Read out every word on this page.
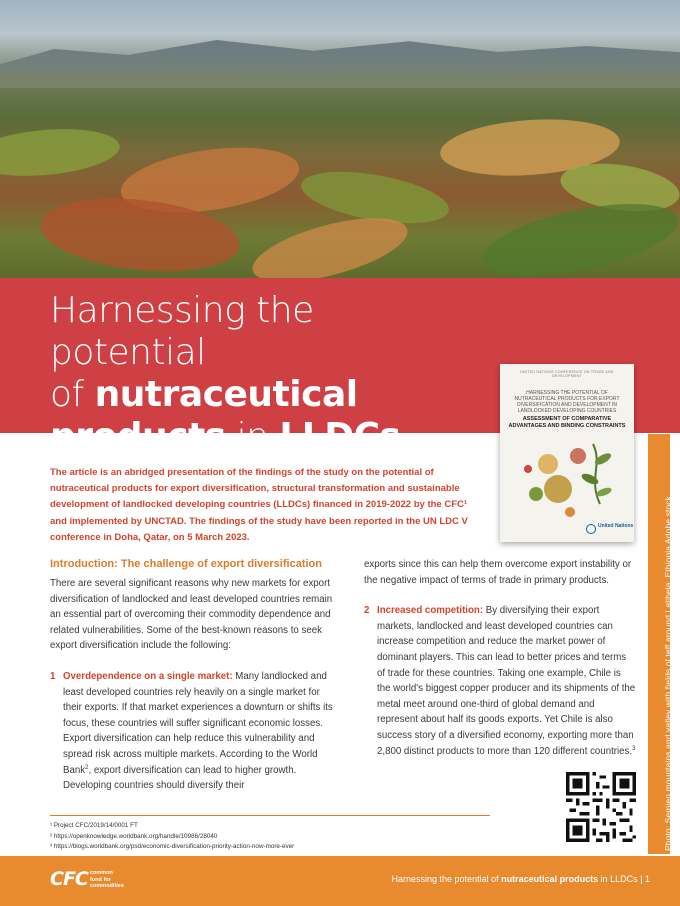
Harnessing the potential
of nutraceutical
products in LLDCs
UNITED NATIONS CONFERENCE ON TRADE AND DEVELOPMENT
HARNESSING THE POTENTIAL OF NUTRACEUTICAL PRODUCTS FOR EXPORT DIVERSIFICATION AND DEVELOPMENT IN LANDLOCKED DEVELOPING COUNTRIES
ASSESSMENT OF COMPARATIVE ADVANTAGES AND BINDING CONSTRAINTS
United Nations	Photo: Semien mountains and valley with fields of teff around Lalibela, Ethiopia Adobe stock
The article is an abridged presentation of the findings of the study on the potential of nutraceutical products for export diversification, structural transformation and sustainable development of landlocked developing countries (LLDCs) financed in 2019-2022 by the CFC¹ and implemented by UNCTAD. The findings of the study have been reported in the UN LDC V conference in Doha, Qatar, on 5 March 2023.
Introduction: The challenge of export diversification

There are several significant reasons why new markets for export diversification of landlocked and least developed countries remain an essential part of overcoming their commodity dependence and related vulnerabilities. Some of the best-known reasons to seek export diversification include the following:

1 Overdependence on a single market: Many landlocked and least developed countries rely heavily on a single market for their exports. If that market experiences a downturn or shifts its focus, these countries will suffer significant economic losses. Export diversification can help reduce this vulnerability and spread risk across multiple markets. According to the World Bank$^2$, export diversification can lead to higher growth. Developing countries should diversify their

exports since this can help them overcome export instability or the negative impact of terms of trade in primary products.

2 Increased competition: By diversifying their export markets, landlocked and least developed countries can increase competition and reduce the market power of dominant players. This can lead to better prices and terms of trade for these countries. Taking one example, Chile is the world's biggest copper producer and its shipments of the metal meet around one-third of global demand and represent about half its goods exports. Yet Chile is also success story of a diversified economy, exporting more than 2,800 distinct products to more than 120 different countries.$^3$
¹ Project CFC/2019/14/0001 FT
² https://openknowledge.worldbank.org/handle/10986/28040
³ https://blogs.worldbank.org/psd/economic-diversification-priority-action-now-more-ever
CFC common
fund for
commodities
Harnessing the potential of nutraceutical products in LLDCs | 1
